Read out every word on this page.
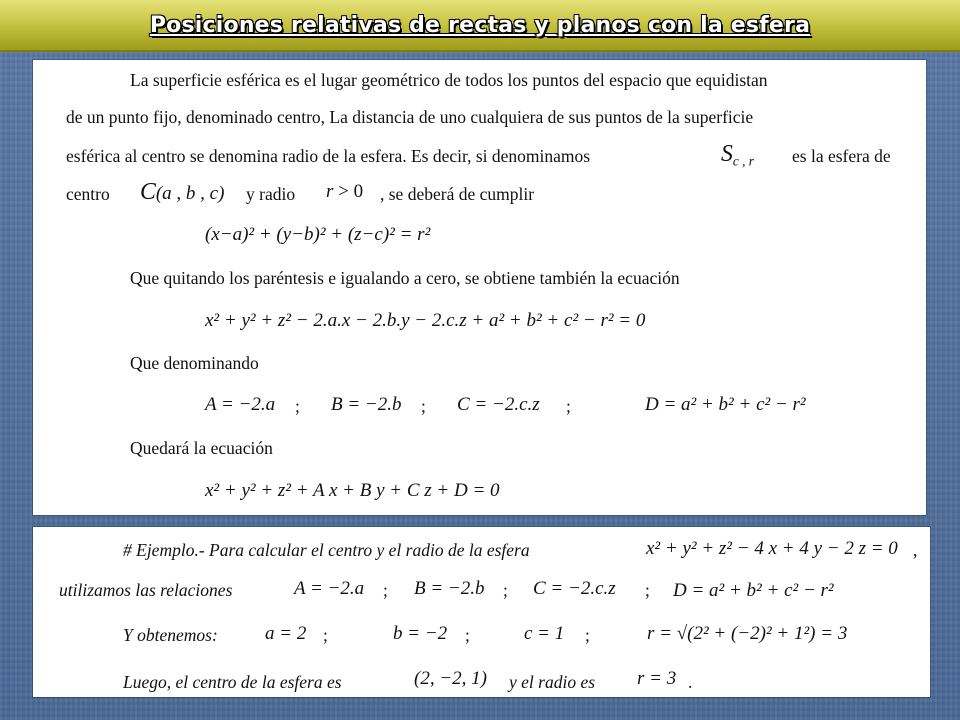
Posiciones relativas de rectas y planos con la esfera
La superficie esférica es el lugar geométrico de todos los puntos del espacio que equidistan
de un punto fijo, denominado centro, La distancia de uno cualquiera de sus puntos de la superficie
esférica al centro se denomina radio de la esfera. Es decir, si denominamos	$S_{c , r}$ es la esfera de
centro C(a , b , c) y radio r > 0 , se deberá de cumplir
(x−a)² + (y−b)² + (z−c)² = r²
Que quitando los paréntesis e igualando a cero, se obtiene también la ecuación
x² + y² + z² − 2.a.x − 2.b.y − 2.c.z + a² + b² + c² − r² = 0
Que denominando
A = −2.a ; B = −2.b ; C = −2.c.z ;	D = a² + b² + c² − r²
Quedará la ecuación
x² + y² + z² + A x + B y + C z + D = 0
# Ejemplo.- Para calcular el centro y el radio de la esfera	x² + y² + z² − 4 x + 4 y − 2 z = 0 ,
utilizamos las relaciones	A = −2.a ; B = −2.b ; C = −2.c.z ; D = a² + b² + c² − r²
Y obtenemos: a = 2 ;	b = −2 ;	c = 1 ;	r = √(2² + (−2)² + 1²) = 3
Luego, el centro de la esfera es	(2, −2, 1) y el radio es r = 3 .
